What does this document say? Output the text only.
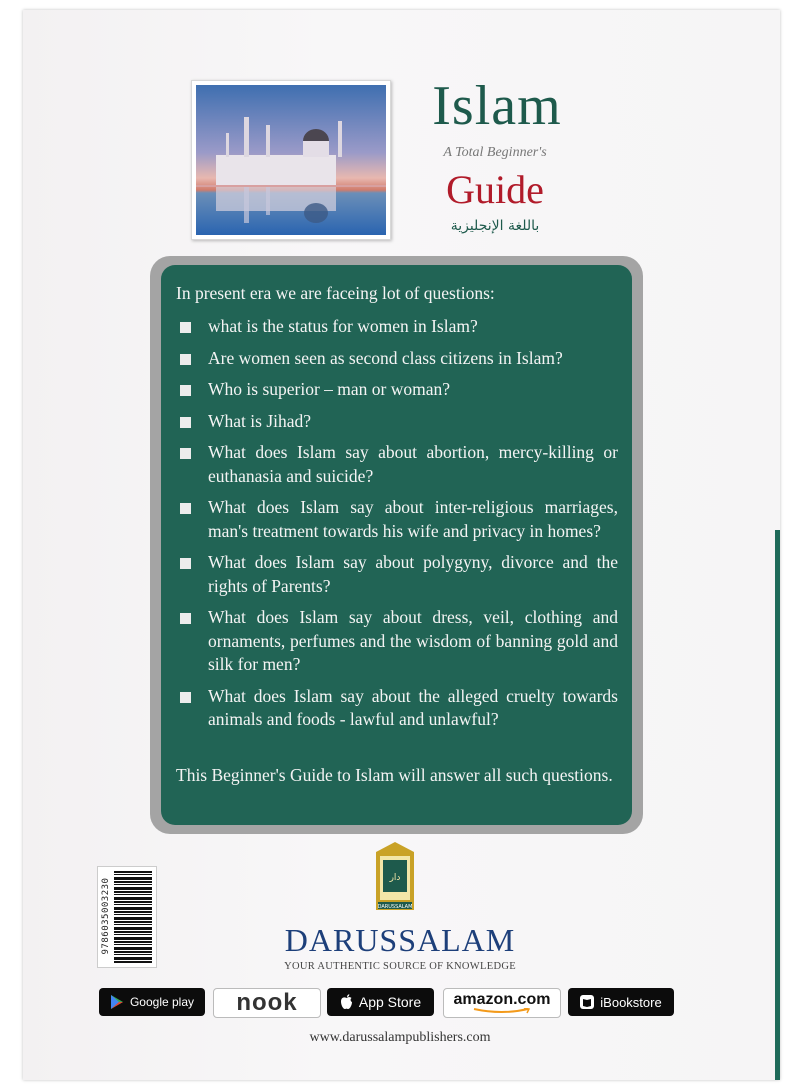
Islam
A Total Beginner's
Guide
باللغة الإنجليزية
In present era we are faceing lot of questions:
what is the status for women in Islam?
Are women seen as second class citizens in Islam?
Who is superior – man or woman?
What is Jihad?
What does Islam say about abortion, mercy-killing or euthanasia and suicide?
What does Islam say about inter-religious marriages, man's treatment towards his wife and privacy in homes?
What does Islam say about polygyny, divorce and the rights of Parents?
What does Islam say about dress, veil, clothing and ornaments, perfumes and the wisdom of banning gold and silk for men?
What does Islam say about the alleged cruelty towards animals and foods - lawful and unlawful?
This Beginner's Guide to Islam will answer all such questions.
9786035003230	دار
DARUSSALAM
DARUSSALAM
YOUR AUTHENTIC SOURCE OF KNOWLEDGE
Google play nook	App Store amazon.com	iBookstore
www.darussalampublishers.com
